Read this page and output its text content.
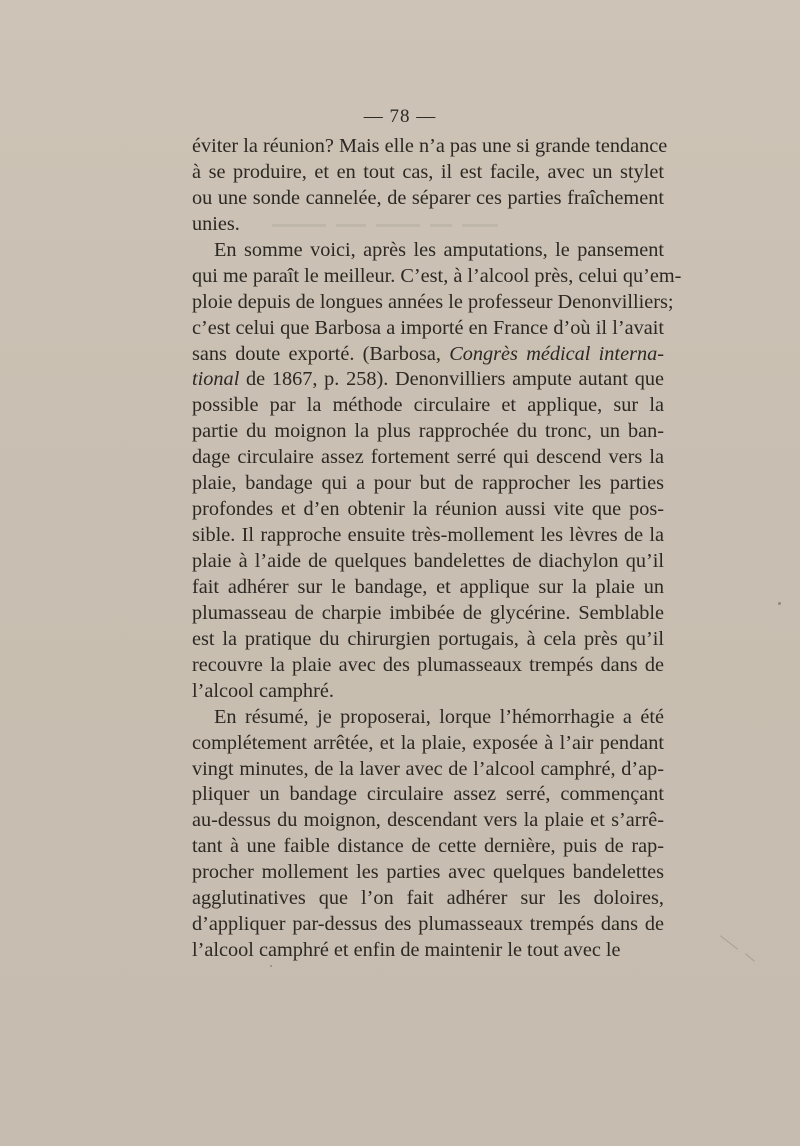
— 78 —
éviter la réunion? Mais elle n’a pas une si grande tendance
à se produire, et en tout cas, il est facile, avec un stylet
ou une sonde cannelée, de séparer ces parties fraîchement
unies.
En somme voici, après les amputations, le pansement
qui me paraît le meilleur. C’est, à l’alcool près, celui qu’em-
ploie depuis de longues années le professeur Denonvilliers;
c’est celui que Barbosa a importé en France d’où il l’avait
sans doute exporté. (Barbosa, Congrès médical interna-
tional de 1867, p. 258). Denonvilliers ampute autant que
possible par la méthode circulaire et applique, sur la
partie du moignon la plus rapprochée du tronc, un ban-
dage circulaire assez fortement serré qui descend vers la
plaie, bandage qui a pour but de rapprocher les parties
profondes et d’en obtenir la réunion aussi vite que pos-
sible. Il rapproche ensuite très-mollement les lèvres de la
plaie à l’aide de quelques bandelettes de diachylon qu’il
fait adhérer sur le bandage, et applique sur la plaie un
plumasseau de charpie imbibée de glycérine. Semblable
est la pratique du chirurgien portugais, à cela près qu’il
recouvre la plaie avec des plumasseaux trempés dans de
l’alcool camphré.
En résumé, je proposerai, lorque l’hémorrhagie a été
complétement arrêtée, et la plaie, exposée à l’air pendant
vingt minutes, de la laver avec de l’alcool camphré, d’ap-
pliquer un bandage circulaire assez serré, commençant
au-dessus du moignon, descendant vers la plaie et s’arrê-
tant à une faible distance de cette dernière, puis de rap-
procher mollement les parties avec quelques bandelettes
agglutinatives que l’on fait adhérer sur les doloires,
d’appliquer par-dessus des plumasseaux trempés dans de
l’alcool camphré et enfin de maintenir le tout avec le
